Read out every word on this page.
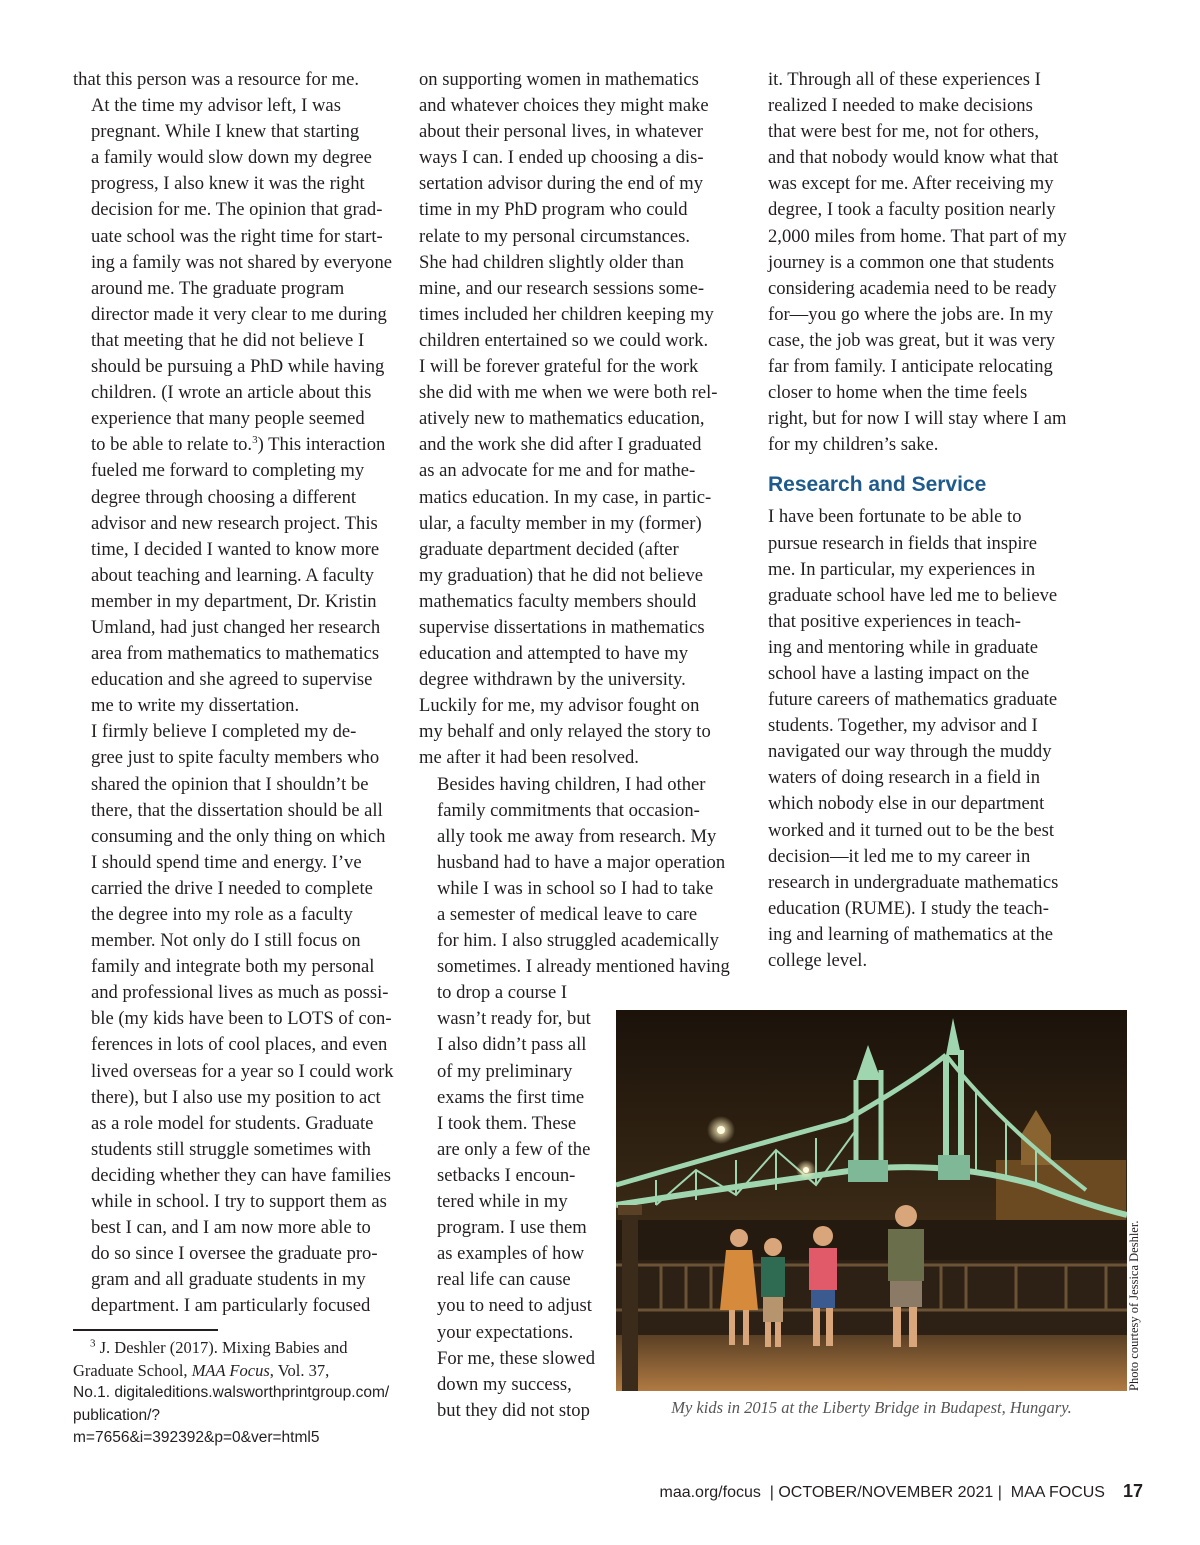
that this person was a resource for me.

At the time my advisor left, I was
pregnant. While I knew that starting
a family would slow down my degree
progress, I also knew it was the right
decision for me. The opinion that grad-
uate school was the right time for start-
ing a family was not shared by everyone
around me. The graduate program
director made it very clear to me during
that meeting that he did not believe I
should be pursuing a PhD while having
children. (I wrote an article about this
experience that many people seemed
to be able to relate to.$^3$) This interaction
fueled me forward to completing my
degree through choosing a different
advisor and new research project. This
time, I decided I wanted to know more
about teaching and learning. A faculty
member in my department, Dr. Kristin
Umland, had just changed her research
area from mathematics to mathematics
education and she agreed to supervise
me to write my dissertation.

I firmly believe I completed my de-
gree just to spite faculty members who
shared the opinion that I shouldn’t be
there, that the dissertation should be all
consuming and the only thing on which
I should spend time and energy. I’ve
carried the drive I needed to complete
the degree into my role as a faculty
member. Not only do I still focus on
family and integrate both my personal
and professional lives as much as possi-
ble (my kids have been to LOTS of con-
ferences in lots of cool places, and even
lived overseas for a year so I could work
there), but I also use my position to act
as a role model for students. Graduate
students still struggle sometimes with
deciding whether they can have families
while in school. I try to support them as
best I can, and I am now more able to
do so since I oversee the graduate pro-
gram and all graduate students in my
department. I am particularly focused

on supporting women in mathematics
and whatever choices they might make
about their personal lives, in whatever
ways I can. I ended up choosing a dis-
sertation advisor during the end of my
time in my PhD program who could
relate to my personal circumstances.
She had children slightly older than
mine, and our research sessions some-
times included her children keeping my
children entertained so we could work.
I will be forever grateful for the work
she did with me when we were both rel-
atively new to mathematics education,
and the work she did after I graduated
as an advocate for me and for mathe-
matics education. In my case, in partic-
ular, a faculty member in my (former)
graduate department decided (after
my graduation) that he did not believe
mathematics faculty members should
supervise dissertations in mathematics
education and attempted to have my
degree withdrawn by the university.
Luckily for me, my advisor fought on
my behalf and only relayed the story to
me after it had been resolved.

Besides having children, I had other
family commitments that occasion-
ally took me away from research. My
husband had to have a major operation
while I was in school so I had to take
a semester of medical leave to care
for him. I also struggled academically
sometimes. I already mentioned having
to drop a course I
wasn’t ready for, but
I also didn’t pass all
of my preliminary
exams the first time
I took them. These
are only a few of the
setbacks I encoun-
tered while in my
program. I use them
as examples of how
real life can cause
you to need to adjust
your expectations.
For me, these slowed
down my success,
but they did not stop

it. Through all of these experiences I
realized I needed to make decisions
that were best for me, not for others,
and that nobody would know what that
was except for me. After receiving my
degree, I took a faculty position nearly
2,000 miles from home. That part of my
journey is a common one that students
considering academia need to be ready
for—you go where the jobs are. In my
case, the job was great, but it was very
far from family. I anticipate relocating
closer to home when the time feels
right, but for now I will stay where I am
for my children’s sake.

Research and Service

I have been fortunate to be able to
pursue research in fields that inspire
me. In particular, my experiences in
graduate school have led me to believe
that positive experiences in teach-
ing and mentoring while in graduate
school have a lasting impact on the
future careers of mathematics graduate
students. Together, my advisor and I
navigated our way through the muddy
waters of doing research in a field in
which nobody else in our department
worked and it turned out to be the best
decision—it led me to my career in
research in undergraduate mathematics
education (RUME). I study the teach-
ing and learning of mathematics at the
college level.

$^3$ J. Deshler (2017). Mixing Babies and
Graduate School, MAA Focus, Vol. 37,
No.1. digitaleditions.walsworthprintgroup.com/
publication/?m=7656&i=392392&p=0&ver=html5
Photo courtesy of Jessica Deshler.
My kids in 2015 at the Liberty Bridge in Budapest, Hungary.
maa.org/focus  | OCTOBER/NOVEMBER 2021 |  MAA FOCUS 17
